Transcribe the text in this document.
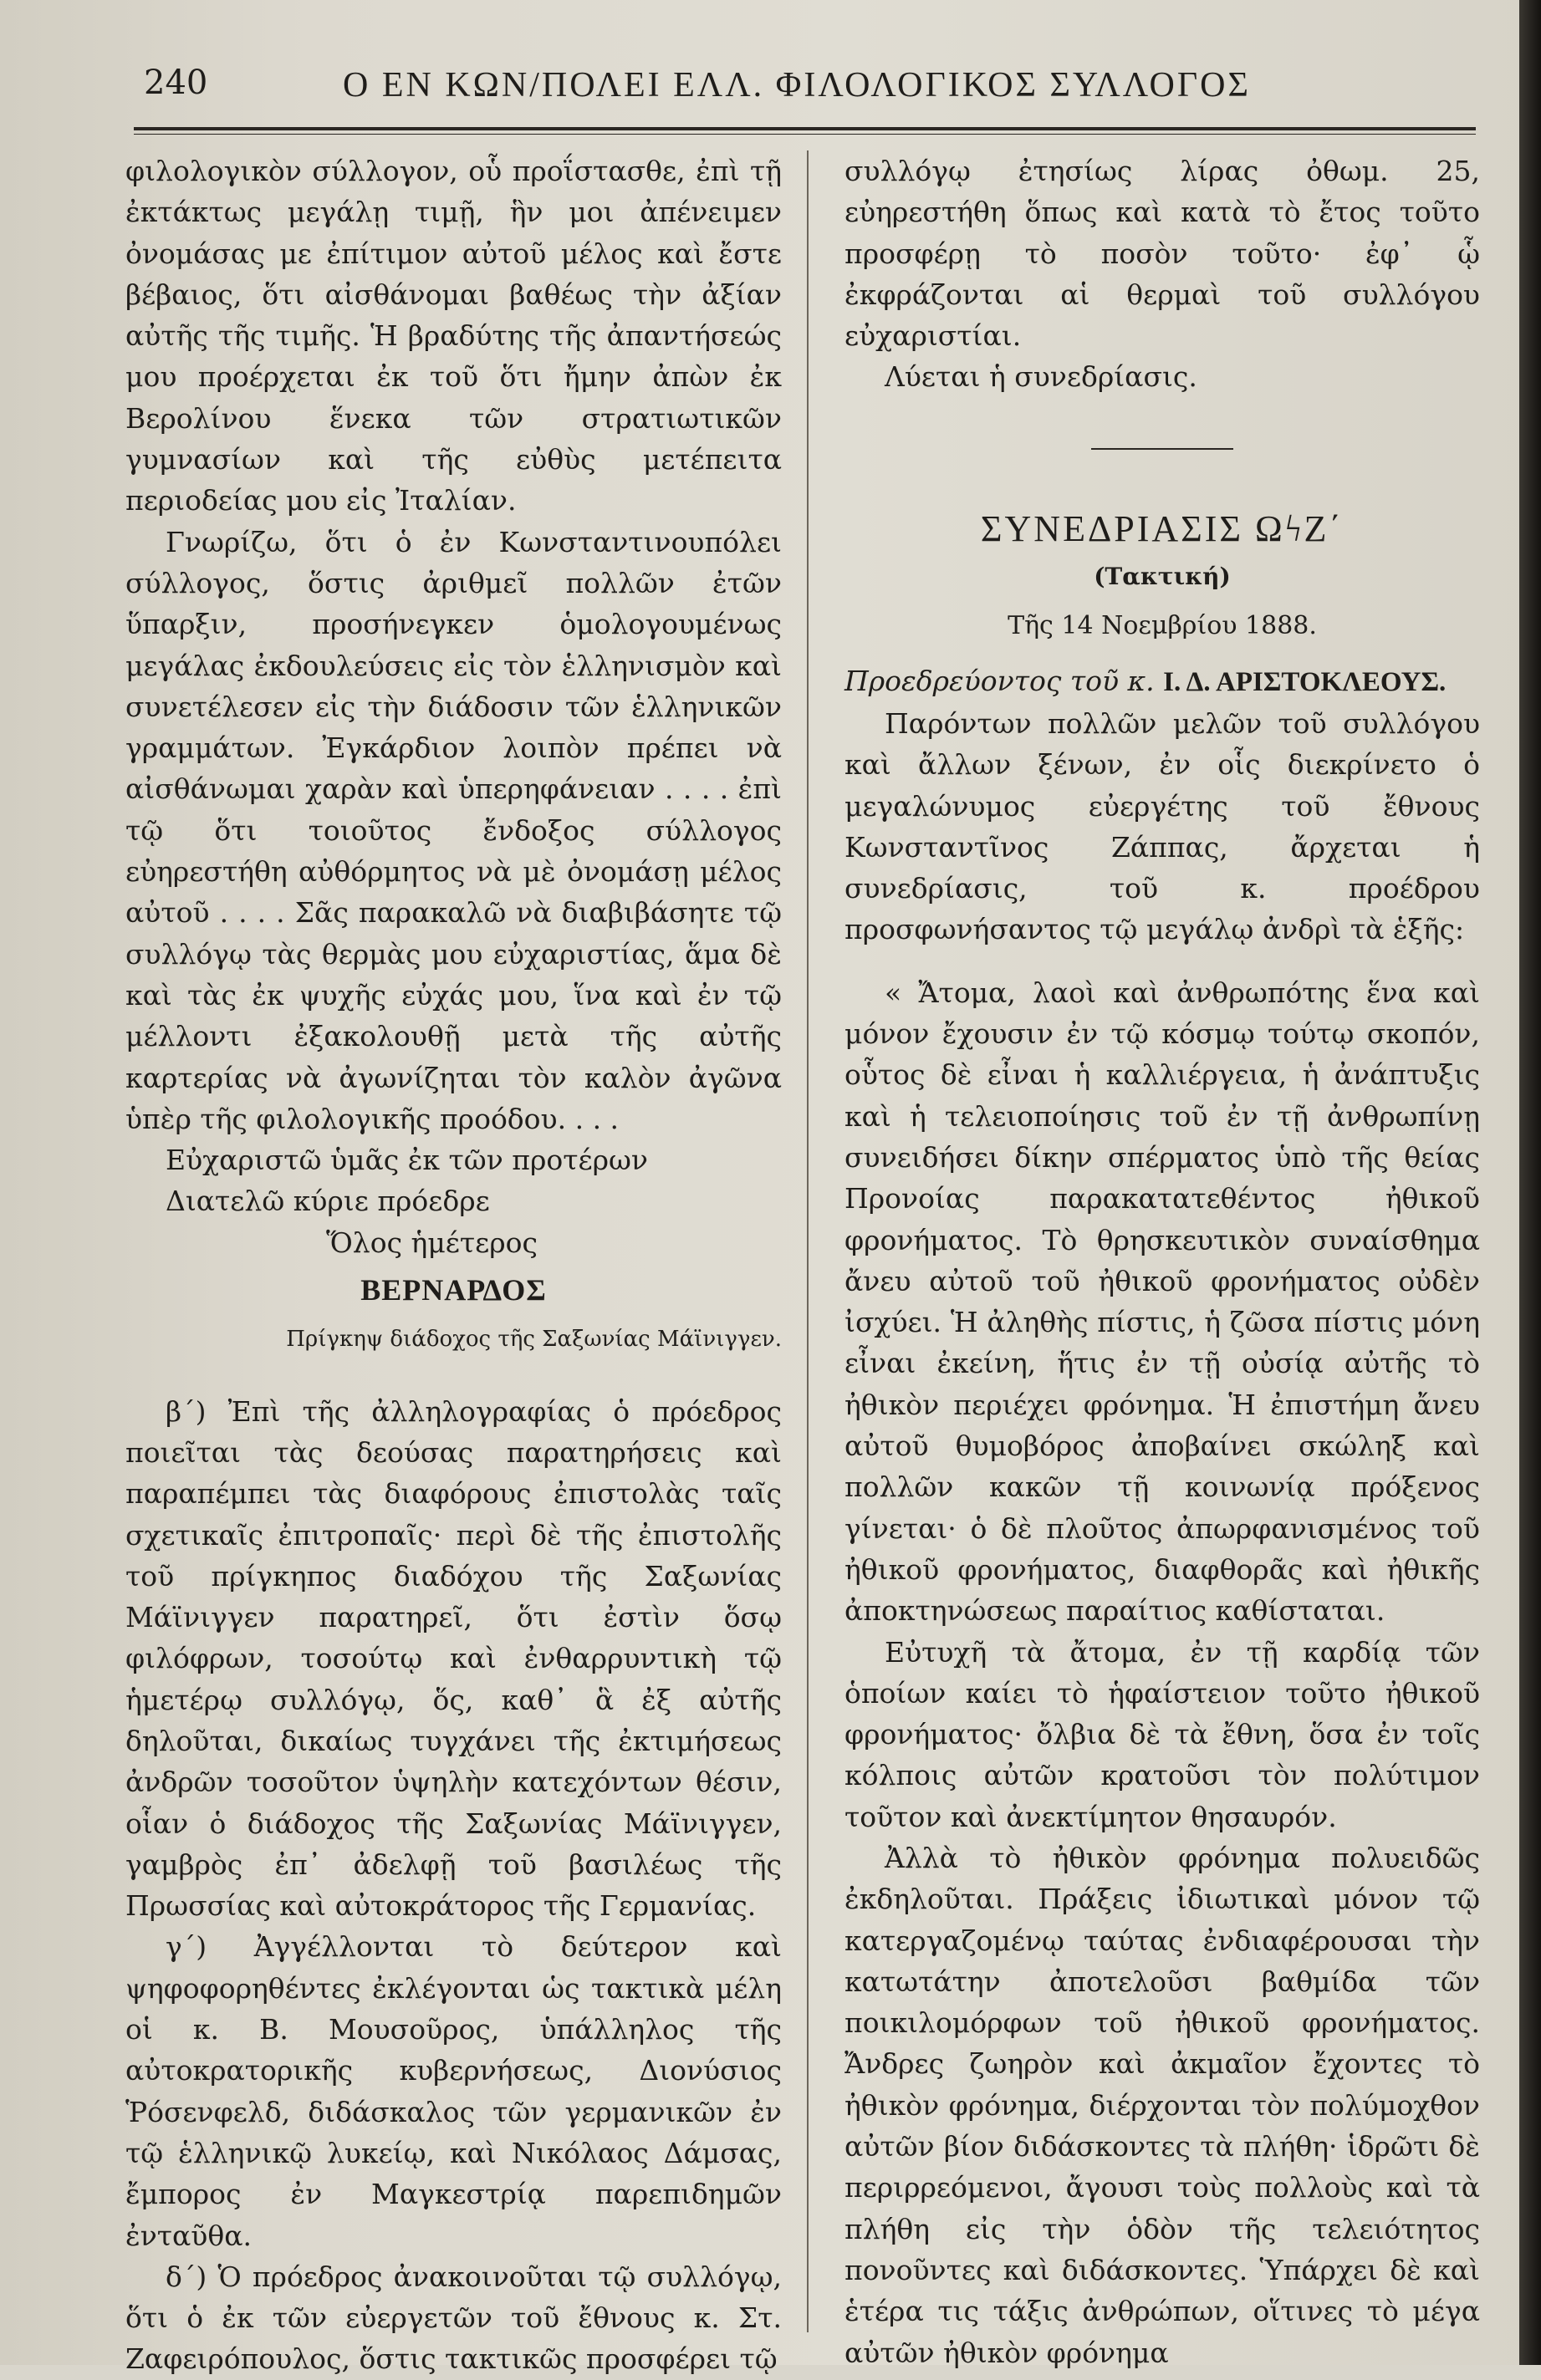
240	Ο ΕΝ ΚΩΝ/ΠΟΛΕΙ ΕΛΛ. ΦΙΛΟΛΟΓΙΚΟΣ ΣΥΛΛΟΓΟΣ

φιλολογικὸν σύλλογον, οὗ προΐστασθε, ἐπὶ τῇ ἐκτάκτως μεγάλῃ τιμῇ, ἣν μοι ἀπένειμεν ὀνομάσας με ἐπίτιμον αὐτοῦ μέλος καὶ ἔστε βέβαιος, ὅτι αἰσθάνομαι βαθέως τὴν ἀξίαν αὐτῆς τῆς τιμῆς. Ἡ βραδύτης τῆς ἀπαντήσεώς μου προέρχεται ἐκ τοῦ ὅτι ἤμην ἀπὼν ἐκ Βερολίνου ἕνεκα τῶν στρατιωτικῶν γυμνασίων καὶ τῆς εὐθὺς μετέπειτα περιοδείας μου εἰς Ἰταλίαν.

Γνωρίζω, ὅτι ὁ ἐν Κωνσταντινουπόλει σύλλογος, ὅστις ἀριθμεῖ πολλῶν ἐτῶν ὕπαρξιν, προσήνεγκεν ὁμολογουμένως μεγάλας ἐκδουλεύσεις εἰς τὸν ἑλληνισμὸν καὶ συνετέλεσεν εἰς τὴν διάδοσιν τῶν ἑλληνικῶν γραμμάτων. Ἐγκάρδιον λοιπὸν πρέπει νὰ αἰσθάνωμαι χαρὰν καὶ ὑπερηφάνειαν . . . . ἐπὶ τῷ ὅτι τοιοῦτος ἔνδοξος σύλλογος εὐηρεστήθη αὐθόρμητος νὰ μὲ ὀνομάσῃ μέλος αὐτοῦ . . . . Σᾶς παρακαλῶ νὰ διαβιβάσητε τῷ συλλόγῳ τὰς θερμὰς μου εὐχαριστίας, ἅμα δὲ καὶ τὰς ἐκ ψυχῆς εὐχάς μου, ἵνα καὶ ἐν τῷ μέλλοντι ἐξακολουθῇ μετὰ τῆς αὐτῆς καρτερίας νὰ ἀγωνίζηται τὸν καλὸν ἀγῶνα ὑπὲρ τῆς φιλολογικῆς προόδου. . . .

Εὐχαριστῶ ὑμᾶς ἐκ τῶν προτέρων

Διατελῶ κύριε πρόεδρε

Ὅλος ἡμέτερος

ΒΕΡΝΑΡΔΟΣ
Πρίγκηψ διάδοχος τῆς Σαξωνίας Μάϊνιγγεν.

β΄) Ἐπὶ τῆς ἀλληλογραφίας ὁ πρόεδρος ποιεῖται τὰς δεούσας παρατηρήσεις καὶ παραπέμπει τὰς διαφόρους ἐπιστολὰς ταῖς σχετικαῖς ἐπιτροπαῖς· περὶ δὲ τῆς ἐπιστολῆς τοῦ πρίγκηπος διαδόχου τῆς Σαξωνίας Μάϊνιγγεν παρατηρεῖ, ὅτι ἐστὶν ὅσῳ φιλόφρων, τοσούτῳ καὶ ἐνθαρρυντικὴ τῷ ἡμετέρῳ συλλόγῳ, ὅς, καθ᾽ ἃ ἐξ αὐτῆς δηλοῦται, δικαίως τυγχάνει τῆς ἐκτιμήσεως ἀνδρῶν τοσοῦτον ὑψηλὴν κατεχόντων θέσιν, οἷαν ὁ διάδοχος τῆς Σαξωνίας Μάϊνιγγεν, γαμβρὸς ἐπ᾽ ἀδελφῇ τοῦ βασιλέως τῆς Πρωσσίας καὶ αὐτοκράτορος τῆς Γερμανίας.

γ΄) Ἀγγέλλονται τὸ δεύτερον καὶ ψηφοφορηθέντες ἐκλέγονται ὡς τακτικὰ μέλη οἱ κ. Β. Μουσοῦρος, ὑπάλληλος τῆς αὐτοκρατορικῆς κυβερνήσεως, Διονύσιος Ῥόσενφελδ, διδάσκαλος τῶν γερμανικῶν ἐν τῷ ἑλληνικῷ λυκείῳ, καὶ Νικόλαος Δάμσας, ἔμπορος ἐν Μαγκεστρίᾳ παρεπιδημῶν ἐνταῦθα.

δ΄) Ὁ πρόεδρος ἀνακοινοῦται τῷ συλλόγῳ, ὅτι ὁ ἐκ τῶν εὐεργετῶν τοῦ ἔθνους κ. Στ. Ζαφειρόπουλος, ὅστις τακτικῶς προσφέρει τῷ

συλλόγῳ ἐτησίως λίρας ὀθωμ. 25, εὐηρεστήθη ὅπως καὶ κατὰ τὸ ἔτος τοῦτο προσφέρῃ τὸ ποσὸν τοῦτο· ἐφ᾽ ᾧ ἐκφράζονται αἱ θερμαὶ τοῦ συλλόγου εὐχαριστίαι.

Λύεται ἡ συνεδρίασις.

ΣΥΝΕΔΡΙΑΣΙΣ ΩϟΖ΄
(Τακτική)
Τῆς 14 Νοεμβρίου 1888.

Προεδρεύοντος τοῦ κ. Ι. Δ. ΑΡΙΣΤΟΚΛΕΟΥΣ.

Παρόντων πολλῶν μελῶν τοῦ συλλόγου καὶ ἄλλων ξένων, ἐν οἷς διεκρίνετο ὁ μεγαλώνυμος εὐεργέτης τοῦ ἔθνους Κωνσταντῖνος Ζάππας, ἄρχεται ἡ συνεδρίασις, τοῦ κ. προέδρου προσφωνήσαντος τῷ μεγάλῳ ἀνδρὶ τὰ ἑξῆς:

« Ἄτομα, λαοὶ καὶ ἀνθρωπότης ἕνα καὶ μόνον ἔχουσιν ἐν τῷ κόσμῳ τούτῳ σκοπόν, οὗτος δὲ εἶναι ἡ καλλιέργεια, ἡ ἀνάπτυξις καὶ ἡ τελειοποίησις τοῦ ἐν τῇ ἀνθρωπίνῃ συνειδήσει δίκην σπέρματος ὑπὸ τῆς θείας Προνοίας παρακατατεθέντος ἠθικοῦ φρονήματος. Τὸ θρησκευτικὸν συναίσθημα ἄνευ αὐτοῦ τοῦ ἠθικοῦ φρονήματος οὐδὲν ἰσχύει. Ἡ ἀληθὴς πίστις, ἡ ζῶσα πίστις μόνη εἶναι ἐκείνη, ἥτις ἐν τῇ οὐσίᾳ αὐτῆς τὸ ἠθικὸν περιέχει φρόνημα. Ἡ ἐπιστήμη ἄνευ αὐτοῦ θυμοβόρος ἀποβαίνει σκώληξ καὶ πολλῶν κακῶν τῇ κοινωνίᾳ πρόξενος γίνεται· ὁ δὲ πλοῦτος ἀπωρφανισμένος τοῦ ἠθικοῦ φρονήματος, διαφθορᾶς καὶ ἠθικῆς ἀποκτηνώσεως παραίτιος καθίσταται.

Εὐτυχῆ τὰ ἄτομα, ἐν τῇ καρδίᾳ τῶν ὁποίων καίει τὸ ἡφαίστειον τοῦτο ἠθικοῦ φρονήματος· ὄλβια δὲ τὰ ἔθνη, ὅσα ἐν τοῖς κόλποις αὐτῶν κρατοῦσι τὸν πολύτιμον τοῦτον καὶ ἀνεκτίμητον θησαυρόν.

Ἀλλὰ τὸ ἠθικὸν φρόνημα πολυειδῶς ἐκδηλοῦται. Πράξεις ἰδιωτικαὶ μόνον τῷ κατεργαζομένῳ ταύτας ἐνδιαφέρουσαι τὴν κατωτάτην ἀποτελοῦσι βαθμίδα τῶν ποικιλομόρφων τοῦ ἠθικοῦ φρονήματος. Ἄνδρες ζωηρὸν καὶ ἀκμαῖον ἔχοντες τὸ ἠθικὸν φρόνημα, διέρχονται τὸν πολύμοχθον αὐτῶν βίον διδάσκοντες τὰ πλήθη· ἱδρῶτι δὲ περιρρεόμενοι, ἄγουσι τοὺς πολλοὺς καὶ τὰ πλήθη εἰς τὴν ὁδὸν τῆς τελειότητος πονοῦντες καὶ διδάσκοντες. Ὑπάρχει δὲ καὶ ἑτέρα τις τάξις ἀνθρώπων, οἵτινες τὸ μέγα αὐτῶν ἠθικὸν φρόνημα
